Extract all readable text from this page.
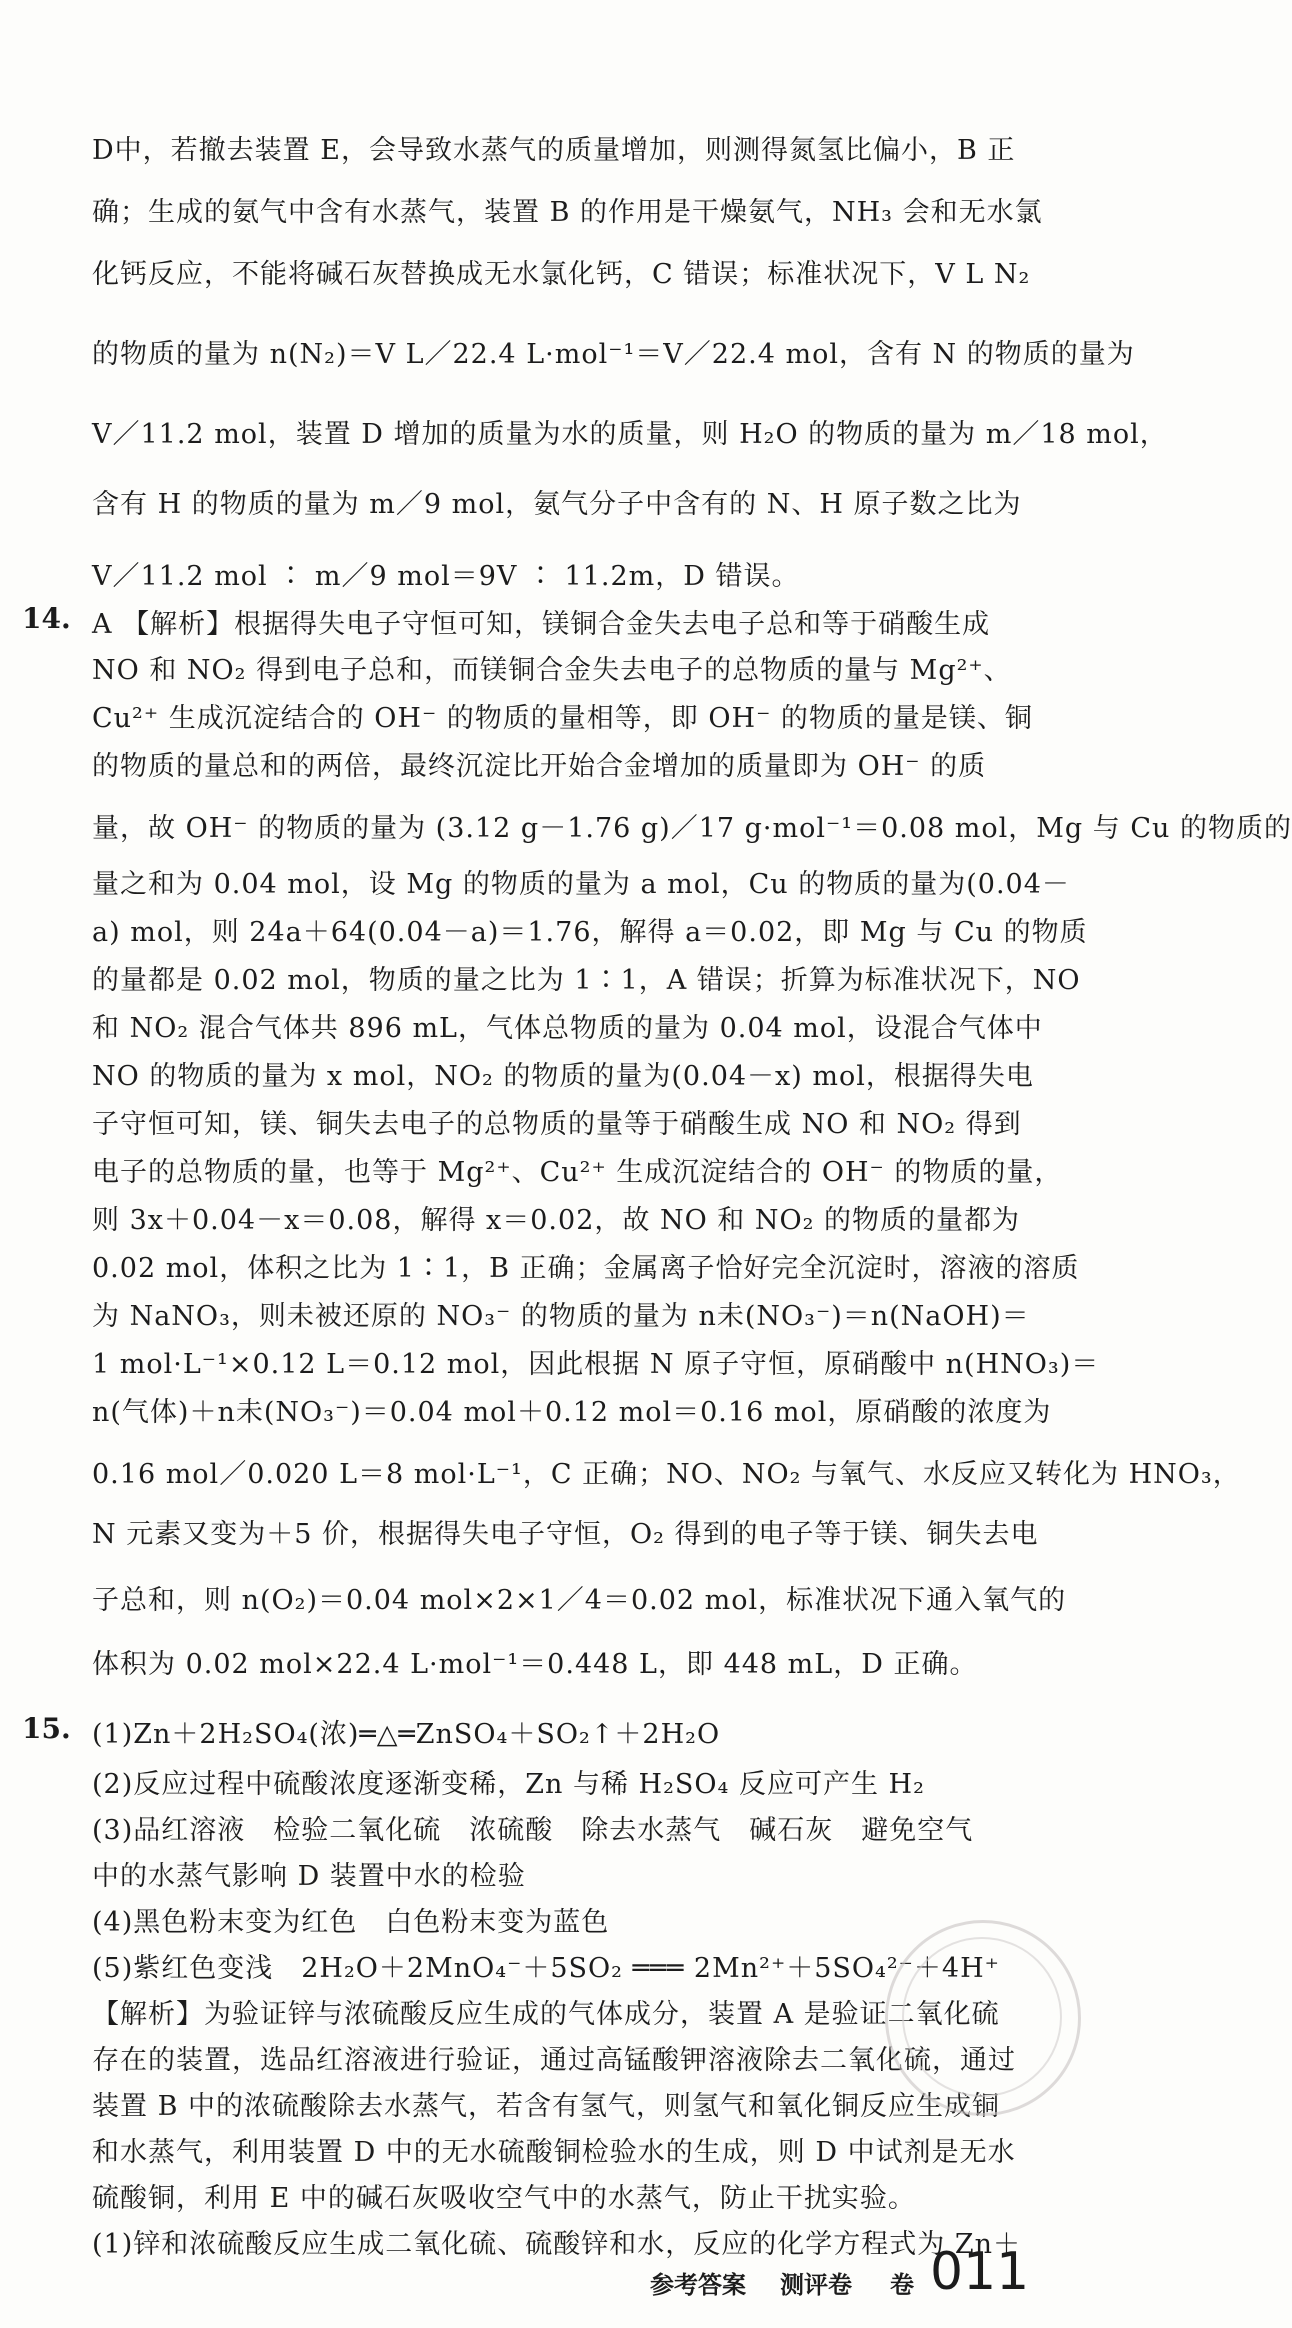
D中，若撤去装置 E，会导致水蒸气的质量增加，则测得氮氢比偏小，B 正
确；生成的氨气中含有水蒸气，装置 B 的作用是干燥氨气，NH₃ 会和无水氯
化钙反应，不能将碱石灰替换成无水氯化钙，C 错误；标准状况下，V L N₂
的物质的量为 n(N₂)＝V L／22.4 L·mol⁻¹＝V／22.4 mol，含有 N 的物质的量为
V／11.2 mol，装置 D 增加的质量为水的质量，则 H₂O 的物质的量为 m／18 mol，
含有 H 的物质的量为 m／9 mol，氨气分子中含有的 N、H 原子数之比为
V／11.2 mol ∶ m／9 mol＝9V ∶ 11.2m，D 错误。
14. A 【解析】根据得失电子守恒可知，镁铜合金失去电子总和等于硝酸生成
NO 和 NO₂ 得到电子总和，而镁铜合金失去电子的总物质的量与 Mg²⁺、
Cu²⁺ 生成沉淀结合的 OH⁻ 的物质的量相等，即 OH⁻ 的物质的量是镁、铜
的物质的量总和的两倍，最终沉淀比开始合金增加的质量即为 OH⁻ 的质
量，故 OH⁻ 的物质的量为 (3.12 g－1.76 g)／17 g·mol⁻¹＝0.08 mol，Mg 与 Cu 的物质的
量之和为 0.04 mol，设 Mg 的物质的量为 a mol，Cu 的物质的量为(0.04－
a) mol，则 24a＋64(0.04－a)＝1.76，解得 a＝0.02，即 Mg 与 Cu 的物质
的量都是 0.02 mol，物质的量之比为 1∶1，A 错误；折算为标准状况下，NO
和 NO₂ 混合气体共 896 mL，气体总物质的量为 0.04 mol，设混合气体中
NO 的物质的量为 x mol，NO₂ 的物质的量为(0.04－x) mol，根据得失电
子守恒可知，镁、铜失去电子的总物质的量等于硝酸生成 NO 和 NO₂ 得到
电子的总物质的量，也等于 Mg²⁺、Cu²⁺ 生成沉淀结合的 OH⁻ 的物质的量，
则 3x＋0.04－x＝0.08，解得 x＝0.02，故 NO 和 NO₂ 的物质的量都为
0.02 mol，体积之比为 1∶1，B 正确；金属离子恰好完全沉淀时，溶液的溶质
为 NaNO₃，则未被还原的 NO₃⁻ 的物质的量为 n未(NO₃⁻)＝n(NaOH)＝
1 mol·L⁻¹×0.12 L＝0.12 mol，因此根据 N 原子守恒，原硝酸中 n(HNO₃)＝
n(气体)＋n未(NO₃⁻)＝0.04 mol＋0.12 mol＝0.16 mol，原硝酸的浓度为
0.16 mol／0.020 L＝8 mol·L⁻¹，C 正确；NO、NO₂ 与氧气、水反应又转化为 HNO₃，
N 元素又变为＋5 价，根据得失电子守恒，O₂ 得到的电子等于镁、铜失去电
子总和，则 n(O₂)＝0.04 mol×2×1／4＝0.02 mol，标准状况下通入氧气的
体积为 0.02 mol×22.4 L·mol⁻¹＝0.448 L，即 448 mL，D 正确。
15. (1)Zn＋2H₂SO₄(浓)═△═ZnSO₄＋SO₂↑＋2H₂O
(2)反应过程中硫酸浓度逐渐变稀，Zn 与稀 H₂SO₄ 反应可产生 H₂
(3)品红溶液　检验二氧化硫　浓硫酸　除去水蒸气　碱石灰　避免空气
中的水蒸气影响 D 装置中水的检验
(4)黑色粉末变为红色　白色粉末变为蓝色
(5)紫红色变浅　2H₂O＋2MnO₄⁻＋5SO₂ ═══ 2Mn²⁺＋5SO₄²⁻＋4H⁺
【解析】为验证锌与浓硫酸反应生成的气体成分，装置 A 是验证二氧化硫
存在的装置，选品红溶液进行验证，通过高锰酸钾溶液除去二氧化硫，通过
装置 B 中的浓硫酸除去水蒸气，若含有氢气，则氢气和氧化铜反应生成铜
和水蒸气，利用装置 D 中的无水硫酸铜检验水的生成，则 D 中试剂是无水
硫酸铜，利用 E 中的碱石灰吸收空气中的水蒸气，防止干扰实验。
(1)锌和浓硫酸反应生成二氧化硫、硫酸锌和水，反应的化学方程式为 Zn＋
参考答案 测评卷 卷 011
